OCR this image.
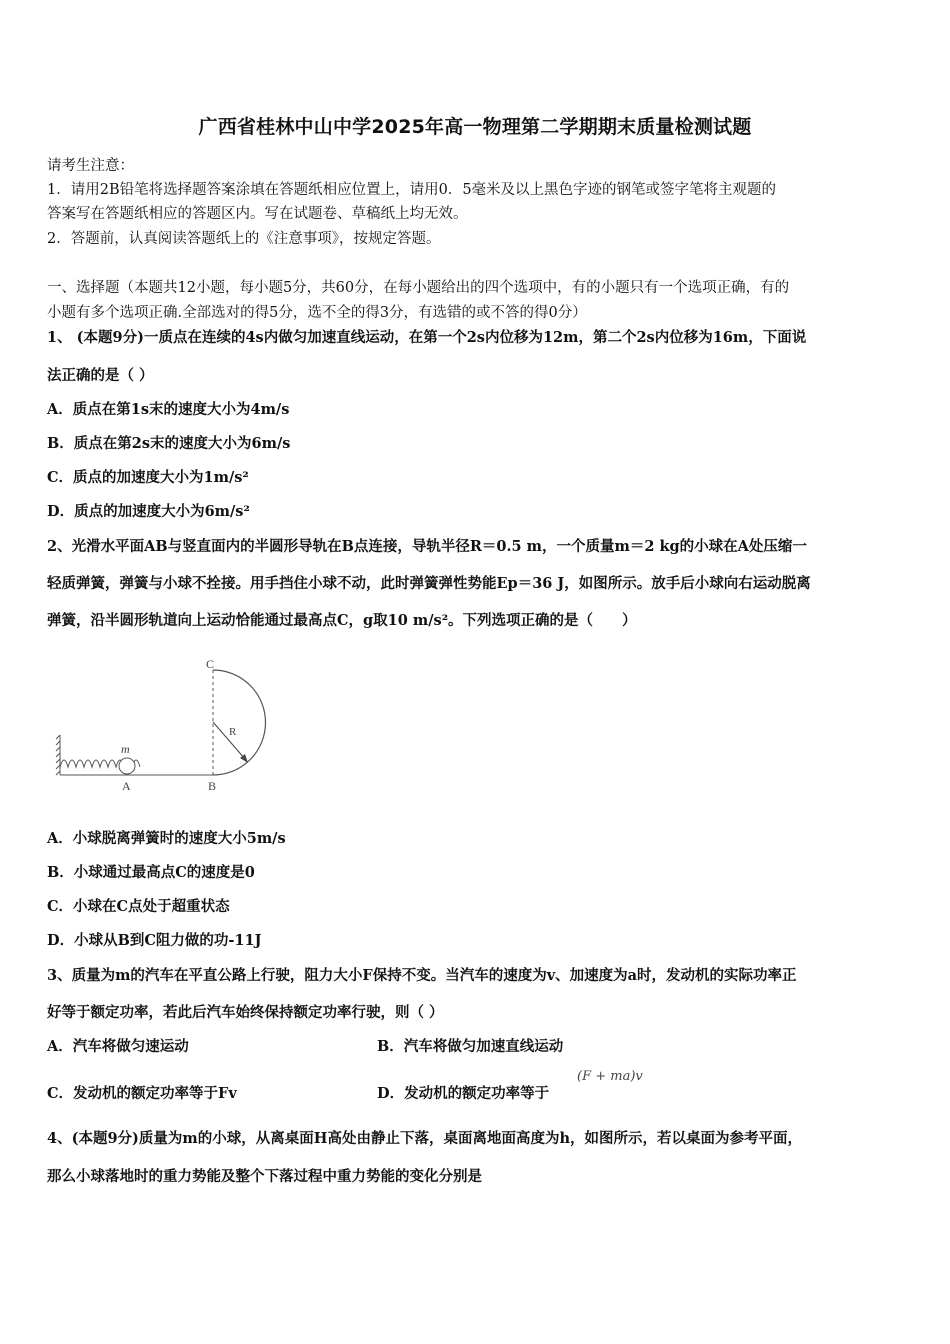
广西省桂林中山中学2025年高一物理第二学期期末质量检测试题
请考生注意：
1．请用2B铅笔将选择题答案涂填在答题纸相应位置上，请用0．5毫米及以上黑色字迹的钢笔或签字笔将主观题的
答案写在答题纸相应的答题区内。写在试题卷、草稿纸上均无效。
2．答题前，认真阅读答题纸上的《注意事项》，按规定答题。
一、选择题（本题共12小题，每小题5分，共60分，在每小题给出的四个选项中，有的小题只有一个选项正确，有的
小题有多个选项正确.全部选对的得5分，选不全的得3分，有选错的或不答的得0分）
1、 (本题9分)一质点在连续的4s内做匀加速直线运动，在第一个2s内位移为12m，第二个2s内位移为16m，下面说
法正确的是（ ）
A．质点在第1s末的速度大小为4m/s
B．质点在第2s末的速度大小为6m/s
C．质点的加速度大小为1m/s²
D．质点的加速度大小为6m/s²
2、光滑水平面AB与竖直面内的半圆形导轨在B点连接，导轨半径R＝0.5 m，一个质量m＝2 kg的小球在A处压缩一
轻质弹簧，弹簧与小球不拴接。用手挡住小球不动，此时弹簧弹性势能Ep＝36 J，如图所示。放手后小球向右运动脱离
弹簧，沿半圆形轨道向上运动恰能通过最高点C，g取10 m/s²。下列选项正确的是（　　）
m
A	B
C
R
A．小球脱离弹簧时的速度大小5m/s
B．小球通过最高点C的速度是0
C．小球在C点处于超重状态
D．小球从B到C阻力做的功-11J
3、质量为m的汽车在平直公路上行驶，阻力大小F保持不变。当汽车的速度为v、加速度为a时，发动机的实际功率正
好等于额定功率，若此后汽车始终保持额定功率行驶，则（ ）
A．汽车将做匀速运动	B．汽车将做匀加速直线运动
C．发动机的额定功率等于Fv	D．发动机的额定功率等于
(F + ma)v
4、(本题9分)质量为m的小球，从离桌面H高处由静止下落，桌面离地面高度为h，如图所示，若以桌面为参考平面，
那么小球落地时的重力势能及整个下落过程中重力势能的变化分别是
